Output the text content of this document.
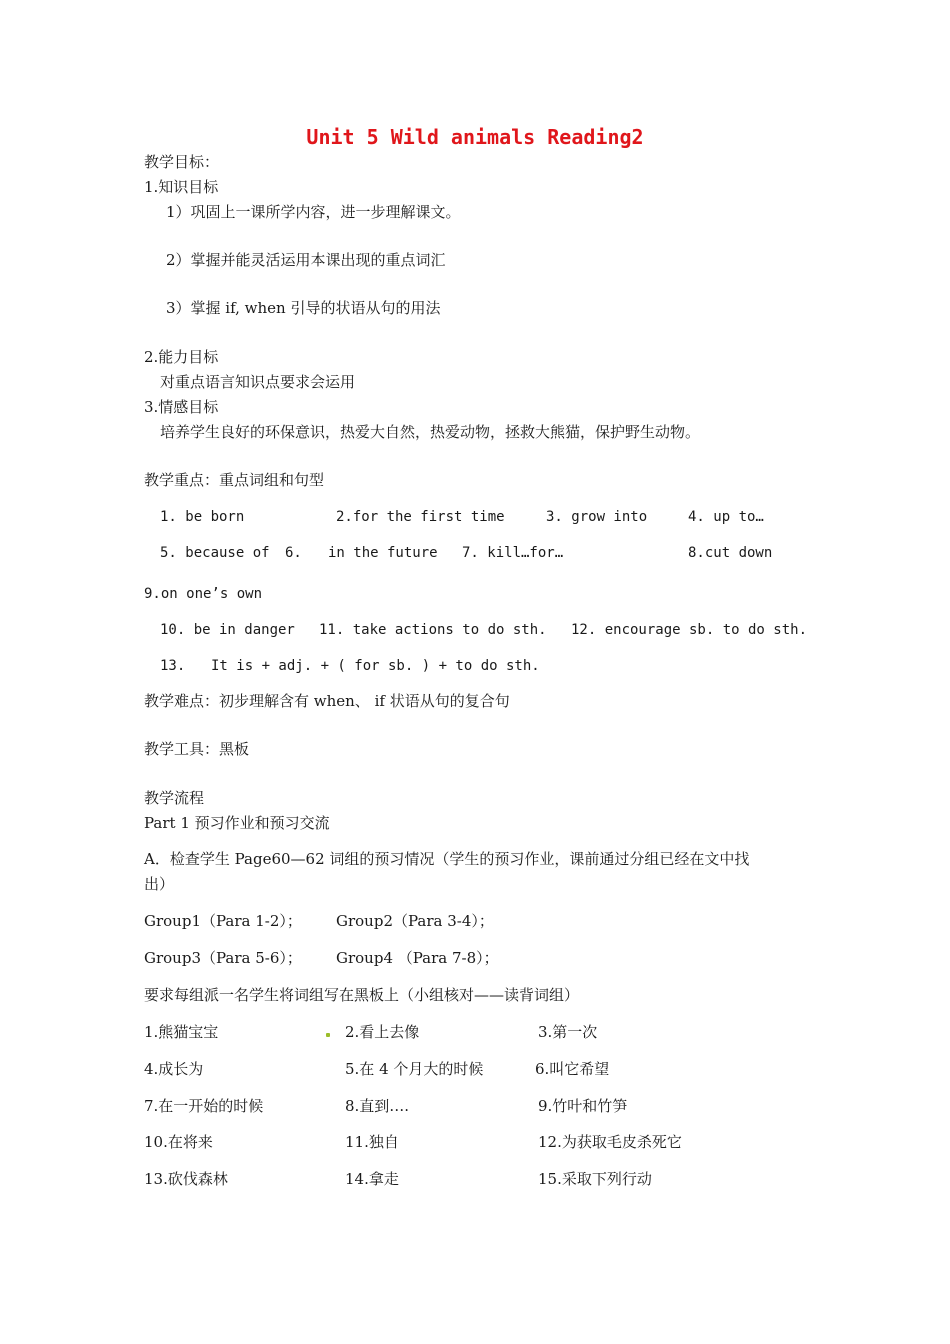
Unit 5 Wild animals Reading2
教学目标：
1.知识目标
1）巩固上一课所学内容，进一步理解课文。
2）掌握并能灵活运用本课出现的重点词汇
3）掌握 if, when 引导的状语从句的用法
2.能力目标
对重点语言知识点要求会运用
3.情感目标
培养学生良好的环保意识，热爱大自然，热爱动物，拯救大熊猫，保护野生动物。
教学重点：重点词组和句型
1. be born	2.for the first time	3. grow into	4. up to…
5. because of 6. in the future 7. kill…for…	8.cut down
9.on one’s own
10. be in danger 11. take actions to do sth. 12. encourage sb. to do sth.
13. It is + adj. + ( for sb. ) + to do sth.
教学难点：初步理解含有 when、 if 状语从句的复合句
教学工具：黑板
教学流程
Part 1 预习作业和预习交流
A．检查学生 Page60—62 词组的预习情况（学生的预习作业，课前通过分组已经在文中找
出）
Group1（Para 1-2）； Group2（Para 3-4）；
Group3（Para 5-6）； Group4 （Para 7-8）；
要求每组派一名学生将词组写在黑板上（小组核对——读背词组）
1.熊猫宝宝	2.看上去像	3.第一次
4.成长为	5.在 4 个月大的时候	6.叫它希望
7.在一开始的时候	8.直到….	9.竹叶和竹笋
10.在将来	11.独自	12.为获取毛皮杀死它
13.砍伐森林	14.拿走	15.采取下列行动
